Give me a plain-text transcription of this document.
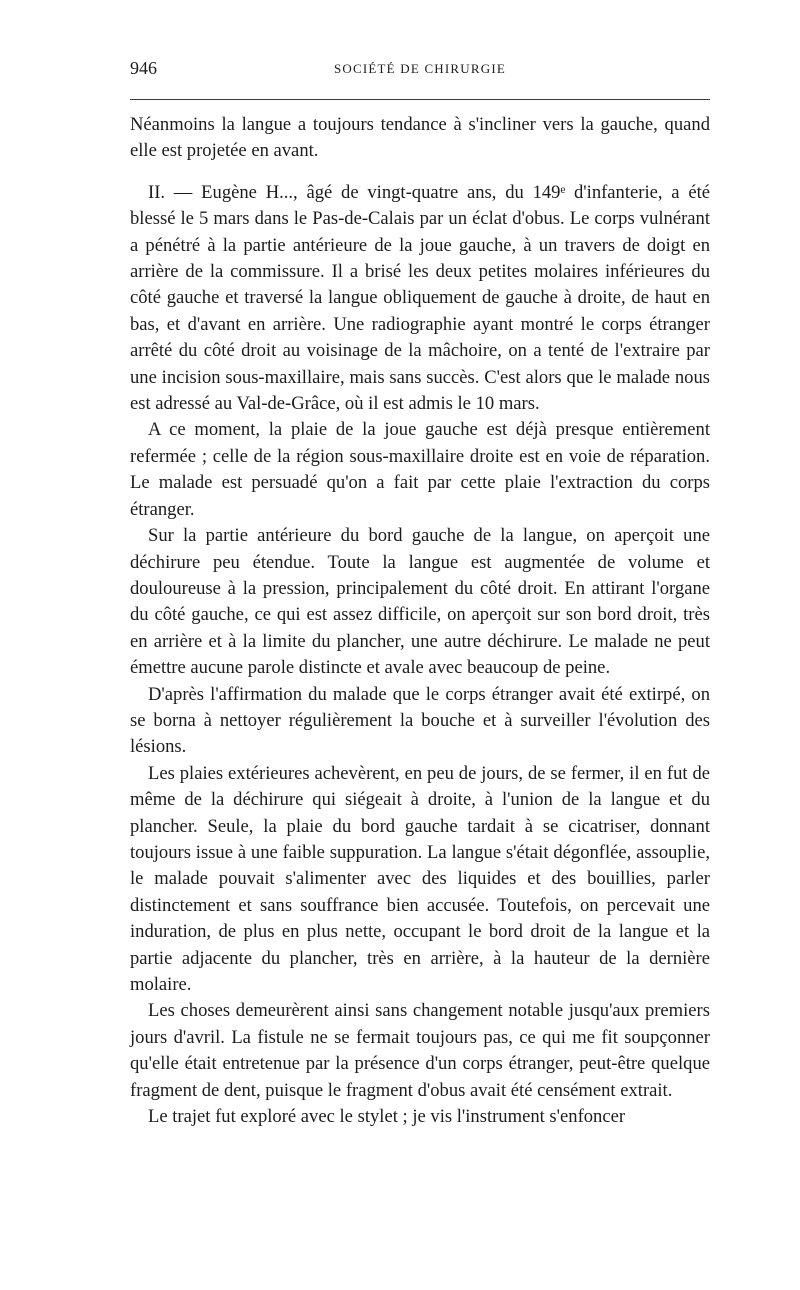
946	SOCIÉTÉ DE CHIRURGIE

Néanmoins la langue a toujours tendance à s'incliner vers la gauche, quand elle est projetée en avant.

II. — Eugène H..., âgé de vingt-quatre ans, du 149ᵉ d'infanterie, a été blessé le 5 mars dans le Pas-de-Calais par un éclat d'obus. Le corps vulnérant a pénétré à la partie antérieure de la joue gauche, à un travers de doigt en arrière de la commissure. Il a brisé les deux petites molaires inférieures du côté gauche et traversé la langue obliquement de gauche à droite, de haut en bas, et d'avant en arrière. Une radiographie ayant montré le corps étranger arrêté du côté droit au voisinage de la mâchoire, on a tenté de l'extraire par une incision sous-maxillaire, mais sans succès. C'est alors que le malade nous est adressé au Val-de-Grâce, où il est admis le 10 mars.

A ce moment, la plaie de la joue gauche est déjà presque entièrement refermée ; celle de la région sous-maxillaire droite est en voie de réparation. Le malade est persuadé qu'on a fait par cette plaie l'extraction du corps étranger.

Sur la partie antérieure du bord gauche de la langue, on aperçoit une déchirure peu étendue. Toute la langue est augmentée de volume et douloureuse à la pression, principalement du côté droit. En attirant l'organe du côté gauche, ce qui est assez difficile, on aperçoit sur son bord droit, très en arrière et à la limite du plancher, une autre déchirure. Le malade ne peut émettre aucune parole distincte et avale avec beaucoup de peine.

D'après l'affirmation du malade que le corps étranger avait été extirpé, on se borna à nettoyer régulièrement la bouche et à surveiller l'évolution des lésions.

Les plaies extérieures achevèrent, en peu de jours, de se fermer, il en fut de même de la déchirure qui siégeait à droite, à l'union de la langue et du plancher. Seule, la plaie du bord gauche tardait à se cicatriser, donnant toujours issue à une faible suppuration. La langue s'était dégonflée, assouplie, le malade pouvait s'alimenter avec des liquides et des bouillies, parler distinctement et sans souffrance bien accusée. Toutefois, on percevait une induration, de plus en plus nette, occupant le bord droit de la langue et la partie adjacente du plancher, très en arrière, à la hauteur de la dernière molaire.

Les choses demeurèrent ainsi sans changement notable jusqu'aux premiers jours d'avril. La fistule ne se fermait toujours pas, ce qui me fit soupçonner qu'elle était entretenue par la présence d'un corps étranger, peut-être quelque fragment de dent, puisque le fragment d'obus avait été censément extrait.

Le trajet fut exploré avec le stylet ; je vis l'instrument s'enfoncer
